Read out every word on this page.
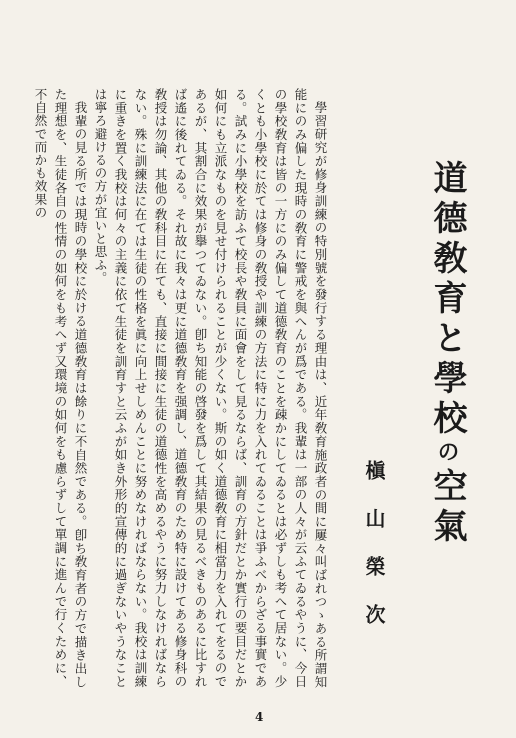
道德敎育と學校の空氣
槇山榮次

學習研究が修身訓練の特別號を發行する理由は、近年敎育施政者の間に屢々叫ばれつゝある所謂知能にのみ偏した現時の敎育に警戒を與へんが爲である。我輩は一部の人々が云ふてゐるやうに、今日の學校敎育は皆の一方にのみ偏して道德敎育のことを疎かにしてゐるとは必ずしも考へて居ない。少くとも小學校に於ては修身の敎授や訓練の方法に特に力を入れてゐることは爭ふべからざる事實である。試みに小學校を訪ふて校長や敎員に面會をして見るならば、訓育の方針だとか實行の要目だとか如何にも立派なものを見せ付けられることが少くない。斯の如く道德敎育に相當力を入れてをるのであるが、其割合に效果が擧つてゐない。卽ち知能の啓發を爲して其結果の見るべきものあるに比すれば遙に後れてゐる。それ故に我々は更に道德敎育を强調し、道德敎育のため特に設けてある修身科の敎授は勿論、其他の敎科目に在ても、直接に間接に生徒の道德性を高めるやうに努力しなければならない。殊に訓練法に在ては生徒の性格を眞に向上せしめんことに努めなければならない。我校は訓練に重きを置く我校は何々の主義に依て生徒を訓育すと云ふが如き外形的宣傳的に過ぎないやうなことは寧ろ避けるの方が宜いと思ふ。

我輩の見る所では現時の學校に於ける道德敎育は餘りに不自然である。卽ち敎育者の方で描き出した理想を、生徒各自の性情の如何をも考へず又環境の如何をも慮らずして單調に進んで行くために、不自然で而かも效果の

4
